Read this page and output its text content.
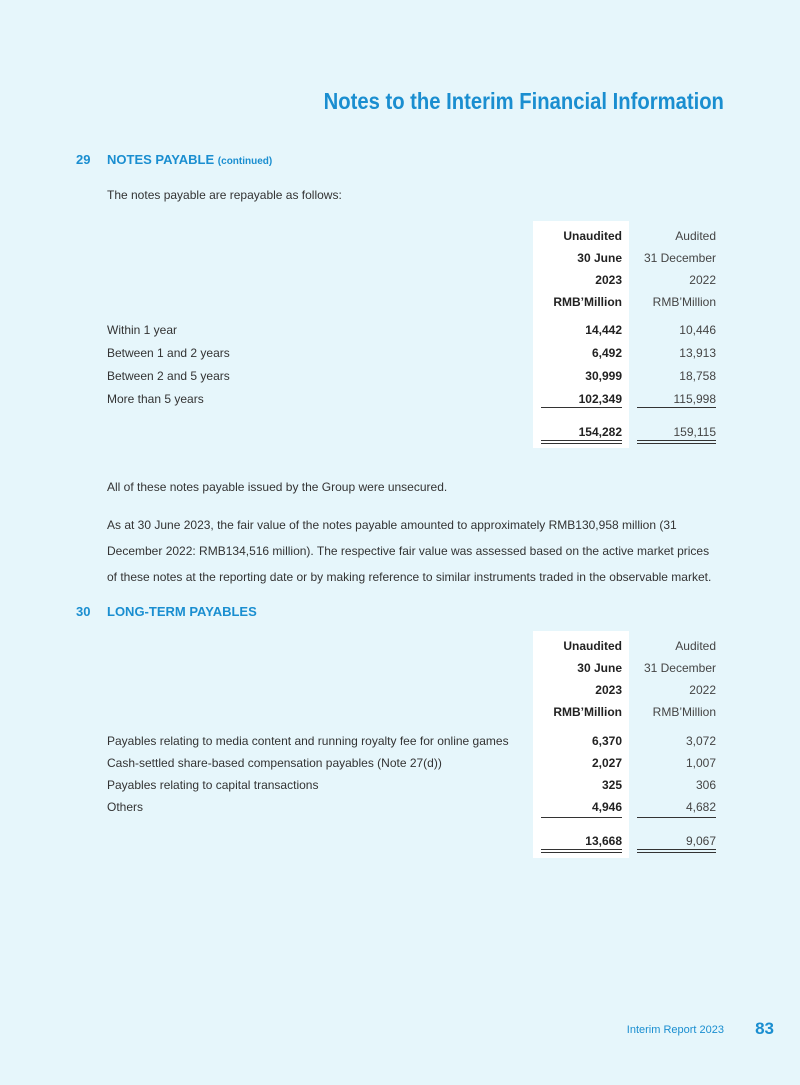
Notes to the Interim Financial Information
29 NOTES PAYABLE (continued)
The notes payable are repayable as follows:
Unaudited	Audited
30 June 31 December
2023	2022
RMB’Million	RMB’Million
Within 1 year	14,442	10,446
Between 1 and 2 years	6,492	13,913
Between 2 and 5 years	30,999	18,758
More than 5 years	102,349	115,998
154,282	159,115
All of these notes payable issued by the Group were unsecured.
As at 30 June 2023, the fair value of the notes payable amounted to approximately RMB130,958 million (31 December 2022: RMB134,516 million). The respective fair value was assessed based on the active market prices of these notes at the reporting date or by making reference to similar instruments traded in the observable market.
30 LONG-TERM PAYABLES
Unaudited	Audited
30 June 31 December
2023	2022
RMB’Million	RMB’Million
Payables relating to media content and running royalty fee for online games	6,370	3,072
Cash-settled share-based compensation payables (Note 27(d))	2,027	1,007
Payables relating to capital transactions	325	306
Others	4,946	4,682
13,668	9,067
Interim Report 2023 83
